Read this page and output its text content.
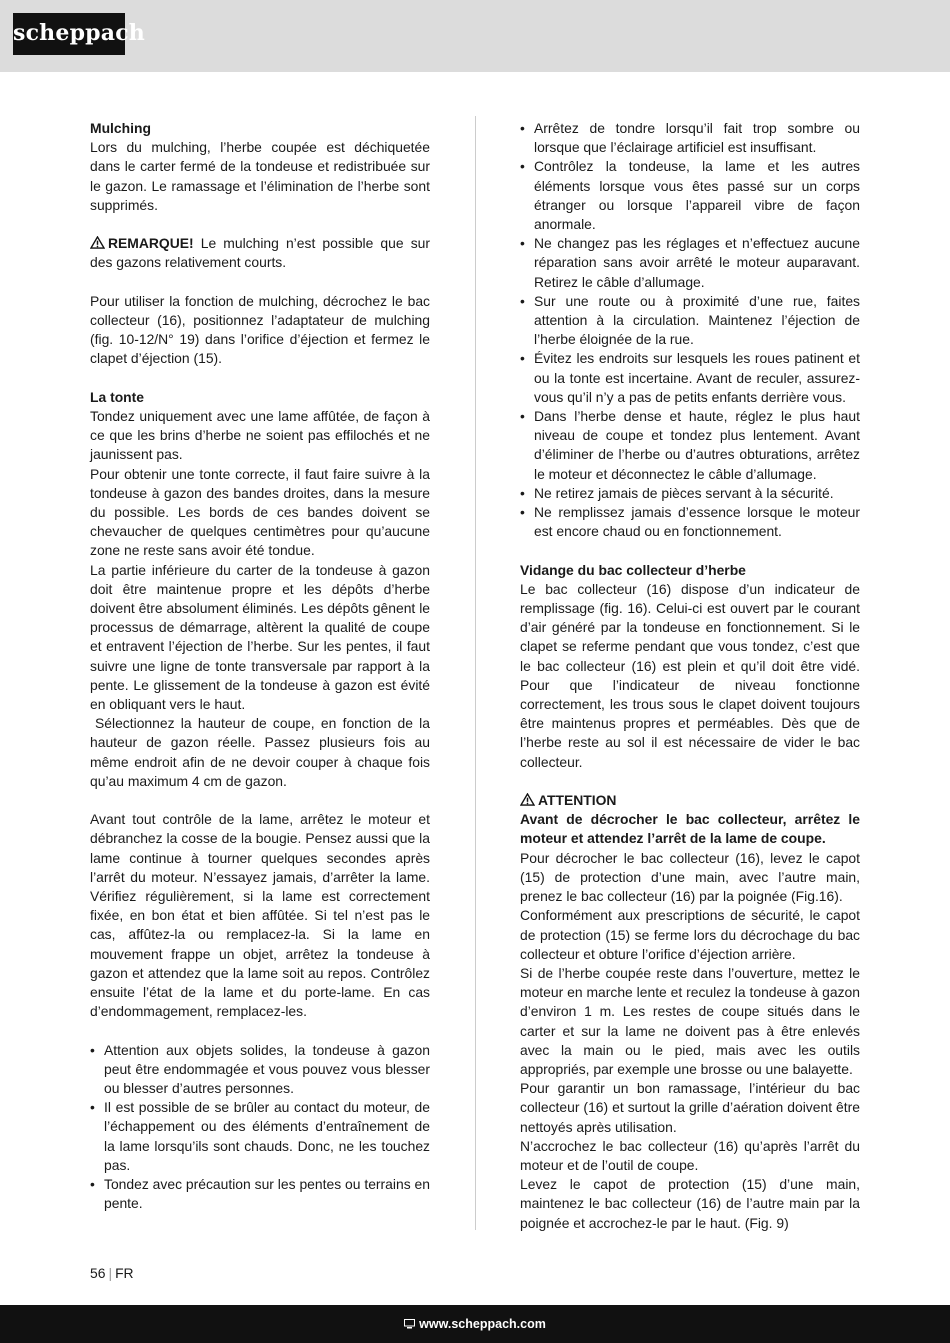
scheppach

Mulching

Lors du mulching, l’herbe coupée est déchiquetée dans le carter fermé de la tondeuse et redistribuée sur le gazon. Le ramassage et l’élimination de l’herbe sont supprimés.

REMARQUE! Le mulching n’est possible que sur des gazons relativement courts.

Pour utiliser la fonction de mulching, décrochez le bac collecteur (16), positionnez l’adaptateur de mulching (fig. 10-12/N° 19) dans l’orifice d’éjection et fermez le clapet d’éjection (15).

La tonte

Tondez uniquement avec une lame affûtée, de façon à ce que les brins d’herbe ne soient pas effilochés et ne jaunissent pas.

Pour obtenir une tonte correcte, il faut faire suivre à la tondeuse à gazon des bandes droites, dans la mesure du possible. Les bords de ces bandes doivent se chevaucher de quelques centimètres pour qu’aucune zone ne reste sans avoir été tondue.

La partie inférieure du carter de la tondeuse à gazon doit être maintenue propre et les dépôts d’herbe doivent être absolument éliminés. Les dépôts gênent le processus de démarrage, altèrent la qualité de coupe et entravent l’éjection de l’herbe. Sur les pentes, il faut suivre une ligne de tonte transversale par rapport à la pente. Le glissement de la tondeuse à gazon est évité en obliquant vers le haut.

Sélectionnez la hauteur de coupe, en fonction de la hauteur de gazon réelle. Passez plusieurs fois au même endroit afin de ne devoir couper à chaque fois qu’au maximum 4 cm de gazon.

Avant tout contrôle de la lame, arrêtez le moteur et débranchez la cosse de la bougie. Pensez aussi que la lame continue à tourner quelques secondes après l’arrêt du moteur. N’essayez jamais, d’arrêter la lame. Vérifiez régulièrement, si la lame est correctement fixée, en bon état et bien affûtée. Si tel n’est pas le cas, affûtez-la ou remplacez-la. Si la lame en mouvement frappe un objet, arrêtez la tondeuse à gazon et attendez que la lame soit au repos. Contrôlez ensuite l’état de la lame et du porte-lame. En cas d’endommagement, remplacez-les.

• Attention aux objets solides, la tondeuse à gazon peut être endommagée et vous pouvez vous blesser ou blesser d’autres personnes.
• Il est possible de se brûler au contact du moteur, de l’échappement ou des éléments d’entraînement de la lame lorsqu’ils sont chauds. Donc, ne les touchez pas.
• Tondez avec précaution sur les pentes ou terrains en pente.
• Arrêtez de tondre lorsqu’il fait trop sombre ou lorsque que l’éclairage artificiel est insuffisant.
• Contrôlez la tondeuse, la lame et les autres éléments lorsque vous êtes passé sur un corps étranger ou lorsque l’appareil vibre de façon anormale.
• Ne changez pas les réglages et n’effectuez aucune réparation sans avoir arrêté le moteur auparavant. Retirez le câble d’allumage.
• Sur une route ou à proximité d’une rue, faites attention à la circulation. Maintenez l’éjection de l’herbe éloignée de la rue.
• Évitez les endroits sur lesquels les roues patinent et ou la tonte est incertaine. Avant de reculer, assurez-vous qu’il n’y a pas de petits enfants derrière vous.
• Dans l’herbe dense et haute, réglez le plus haut niveau de coupe et tondez plus lentement. Avant d’éliminer de l’herbe ou d’autres obturations, arrêtez le moteur et déconnectez le câble d’allumage.
• Ne retirez jamais de pièces servant à la sécurité.
• Ne remplissez jamais d’essence lorsque le moteur est encore chaud ou en fonctionnement.

Vidange du bac collecteur d’herbe

Le bac collecteur (16) dispose d’un indicateur de remplissage (fig. 16). Celui-ci est ouvert par le courant d’air généré par la tondeuse en fonctionnement. Si le clapet se referme pendant que vous tondez, c’est que le bac collecteur (16) est plein et qu’il doit être vidé. Pour que l’indicateur de niveau fonctionne correctement, les trous sous le clapet doivent toujours être maintenus propres et perméables. Dès que de l’herbe reste au sol il est nécessaire de vider le bac collecteur.

ATTENTION

Avant de décrocher le bac collecteur, arrêtez le moteur et attendez l’arrêt de la lame de coupe.

Pour décrocher le bac collecteur (16), levez le capot (15) de protection d’une main, avec l’autre main, prenez le bac collecteur (16) par la poignée (Fig.16).

Conformément aux prescriptions de sécurité, le capot de protection (15) se ferme lors du décrochage du bac collecteur et obture l’orifice d’éjection arrière.

Si de l’herbe coupée reste dans l’ouverture, mettez le moteur en marche lente et reculez la tondeuse à gazon d’environ 1 m. Les restes de coupe situés dans le carter et sur la lame ne doivent pas à être enlevés avec la main ou le pied, mais avec les outils appropriés, par exemple une brosse ou une balayette.

Pour garantir un bon ramassage, l’intérieur du bac collecteur (16) et surtout la grille d’aération doivent être nettoyés après utilisation.

N’accrochez le bac collecteur (16) qu’après l’arrêt du moteur et de l’outil de coupe.

Levez le capot de protection (15) d’une main, maintenez le bac collecteur (16) de l’autre main par la poignée et accrochez-le par le haut. (Fig. 9)

56 | FR
www.scheppach.com
